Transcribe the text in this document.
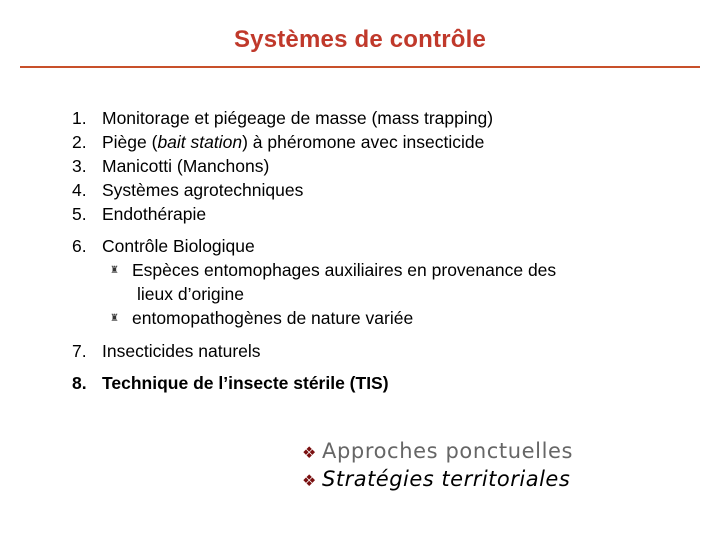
Systèmes de contrôle
1. Monitorage et piégeage de masse (mass trapping)
2. Piège (bait station) à phéromone avec insecticide
3. Manicotti (Manchons)
4. Systèmes agrotechniques
5. Endothérapie
6. Contrôle Biologique
♜ Espèces entomophages auxiliaires en provenance des
lieux d’origine
♜ entomopathogènes de nature variée
7. Insecticides naturels
8. Technique de l’insecte stérile (TIS)
❖ Approches ponctuelles
❖ Stratégies territoriales
